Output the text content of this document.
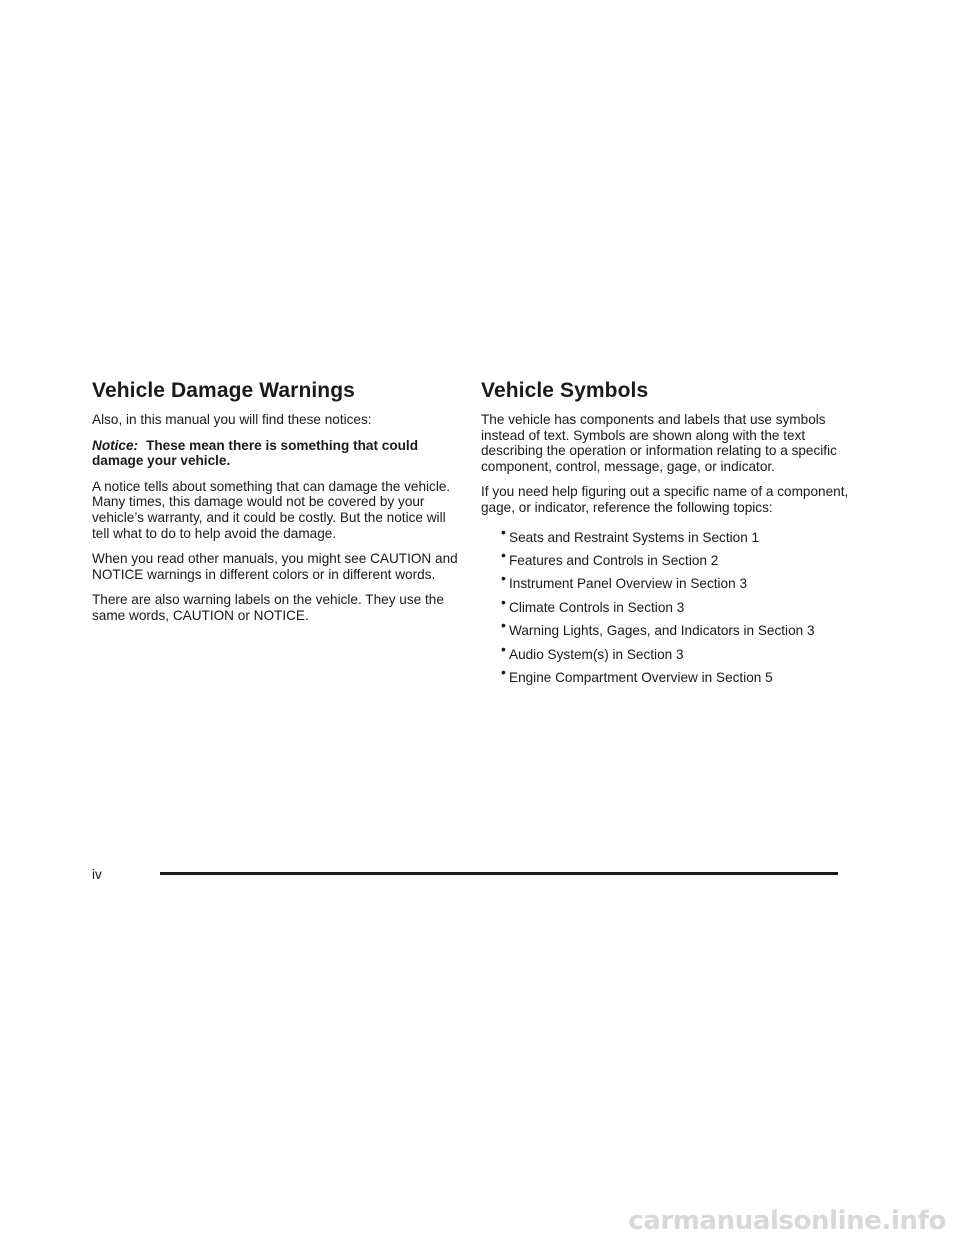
Vehicle Damage Warnings

Also, in this manual you will find these notices:

Notice: These mean there is something that could damage your vehicle.

A notice tells about something that can damage the vehicle. Many times, this damage would not be covered by your vehicle’s warranty, and it could be costly. But the notice will tell what to do to help avoid the damage.

When you read other manuals, you might see CAUTION and NOTICE warnings in different colors or in different words.

There are also warning labels on the vehicle. They use the same words, CAUTION or NOTICE.

Vehicle Symbols

The vehicle has components and labels that use symbols instead of text. Symbols are shown along with the text describing the operation or information relating to a specific component, control, message, gage, or indicator.

If you need help figuring out a specific name of a component, gage, or indicator, reference the following topics:

• Seats and Restraint Systems in Section 1
• Features and Controls in Section 2
• Instrument Panel Overview in Section 3
• Climate Controls in Section 3
• Warning Lights, Gages, and Indicators in Section 3
• Audio System(s) in Section 3
• Engine Compartment Overview in Section 5
iv
carmanualsonline.info
